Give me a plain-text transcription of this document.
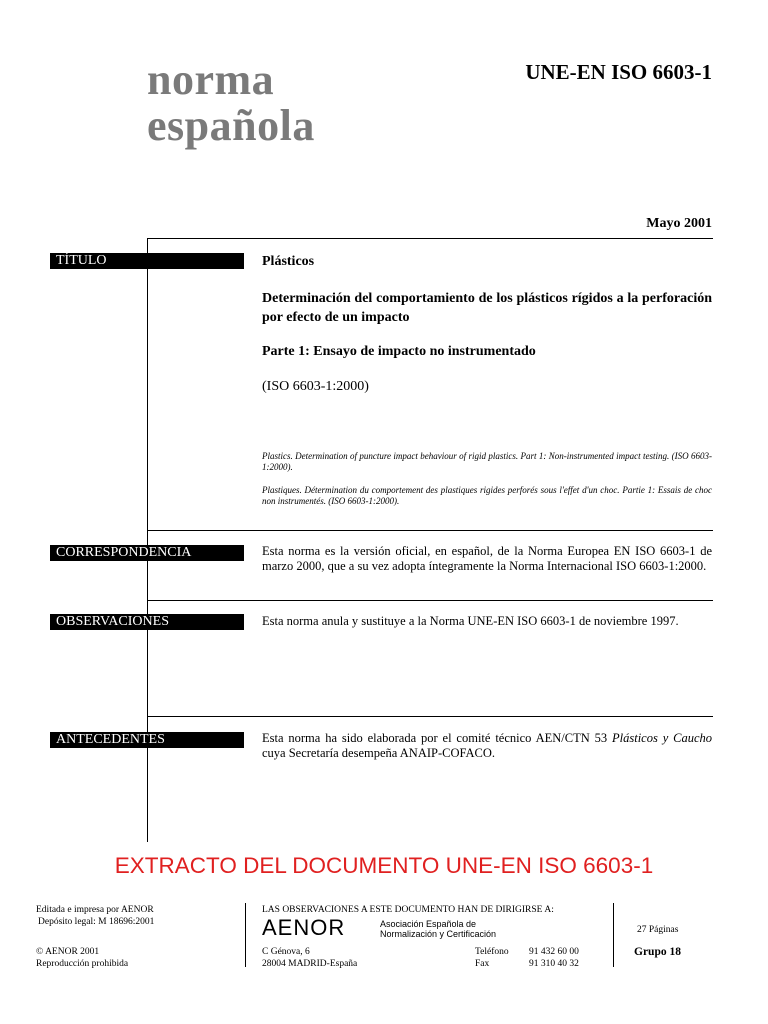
norma
española
UNE-EN ISO 6603-1
Mayo 2001
TÍTULO	Plásticos
Determinación del comportamiento de los plásticos rígidos a la perforación por efecto de un impacto
Parte 1: Ensayo de impacto no instrumentado
(ISO 6603-1:2000)
Plastics. Determination of puncture impact behaviour of rigid plastics. Part 1: Non-instrumented impact testing. (ISO 6603-1:2000).
Plastiques. Détermination du comportement des plastiques rigides perforés sous l'effet d'un choc. Partie 1: Essais de choc non instrumentés. (ISO 6603-1:2000).
CORRESPONDENCIA	Esta norma es la versión oficial, en español, de la Norma Europea EN ISO 6603-1 de marzo 2000, que a su vez adopta íntegramente la Norma Internacional ISO 6603-1:2000.
OBSERVACIONES	Esta norma anula y sustituye a la Norma UNE-EN ISO 6603-1 de noviembre 1997.
ANTECEDENTES	Esta norma ha sido elaborada por el comité técnico AEN/CTN 53 Plásticos y Caucho cuya Secretaría desempeña ANAIP-COFACO.
EXTRACTO DEL DOCUMENTO UNE-EN ISO 6603-1
Editada e impresa por AENOR
Depósito legal: M 18696:2001
© AENOR 2001
Reproducción prohibida
LAS OBSERVACIONES A ESTE DOCUMENTO HAN DE DIRIGIRSE A:
AENOR	Asociación Española de
Normalización y Certificación
C Génova, 6
28004 MADRID-España
Teléfono 91 432 60 00
Fax	91 310 40 32
27 Páginas
Grupo 18
